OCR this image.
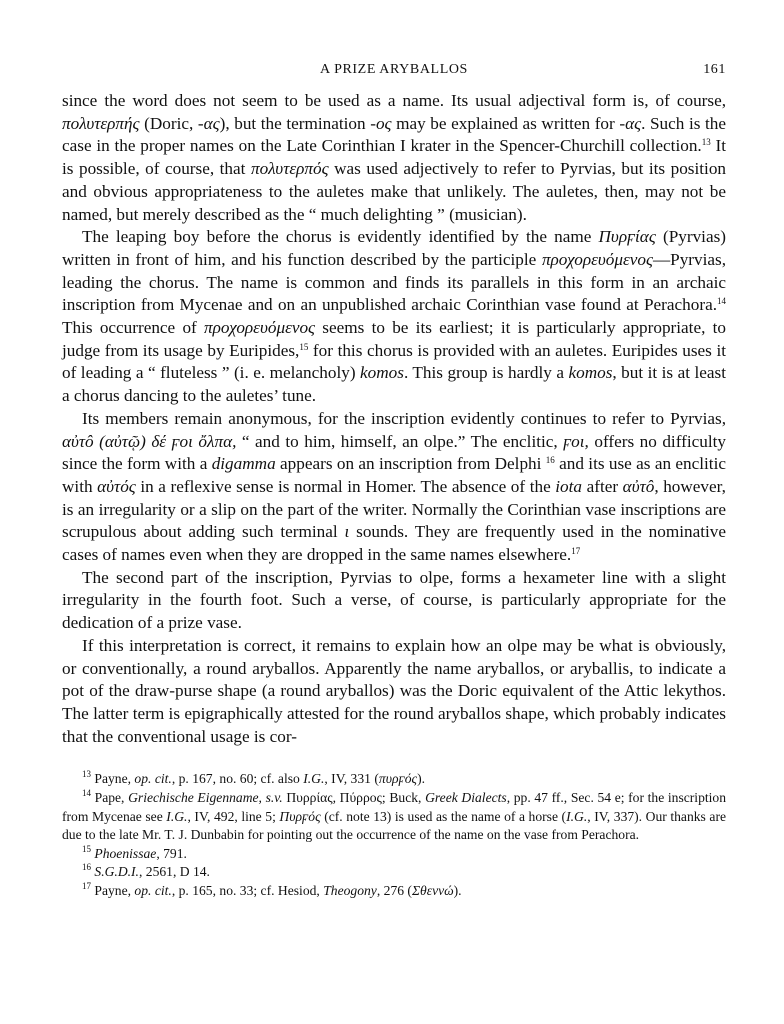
A PRIZE ARYBALLOS	161

since the word does not seem to be used as a name. Its usual adjectival form is, of course, πολυτερπής (Doric, -ας), but the termination -ος may be explained as written for -ας. Such is the case in the proper names on the Late Corinthian I krater in the Spencer-Churchill collection.$^{13}$ It is possible, of course, that πολυτερπός was used adjectively to refer to Pyrvias, but its position and obvious appropriateness to the auletes make that unlikely. The auletes, then, may not be named, but merely described as the “ much delighting ” (musician).

The leaping boy before the chorus is evidently identified by the name Πυρϝίας (Pyrvias) written in front of him, and his function described by the participle προχορευόμενος—Pyrvias, leading the chorus. The name is common and finds its parallels in this form in an archaic inscription from Mycenae and on an unpublished archaic Corinthian vase found at Perachora.$^{14}$ This occurrence of προχορευόμενος seems to be its earliest; it is particularly appropriate, to judge from its usage by Euripides,$^{15}$ for this chorus is provided with an auletes. Euripides uses it of leading a “ fluteless ” (i. e. melancholy) komos. This group is hardly a komos, but it is at least a chorus dancing to the auletes’ tune.

Its members remain anonymous, for the inscription evidently continues to refer to Pyrvias, αὐτô (αὐτῷ) δέ ϝοι ὄλπα, “ and to him, himself, an olpe.” The enclitic, ϝοι, offers no difficulty since the form with a digamma appears on an inscription from Delphi $^{16}$ and its use as an enclitic with αὐτός in a reflexive sense is normal in Homer. The absence of the iota after αὐτô, however, is an irregularity or a slip on the part of the writer. Normally the Corinthian vase inscriptions are scrupulous about adding such terminal ι sounds. They are frequently used in the nominative cases of names even when they are dropped in the same names elsewhere.$^{17}$

The second part of the inscription, Pyrvias to olpe, forms a hexameter line with a slight irregularity in the fourth foot. Such a verse, of course, is particularly appropriate for the dedication of a prize vase.

If this interpretation is correct, it remains to explain how an olpe may be what is obviously, or conventionally, a round aryballos. Apparently the name aryballos, or aryballis, to indicate a pot of the draw-purse shape (a round aryballos) was the Doric equivalent of the Attic lekythos. The latter term is epigraphically attested for the round aryballos shape, which probably indicates that the conventional usage is cor-

$^{13}$ Payne, op. cit., p. 167, no. 60; cf. also I.G., IV, 331 (πυρϝός).

$^{14}$ Pape, Griechische Eigenname, s.v. Πυρρίας, Πύρρος; Buck, Greek Dialects, pp. 47 ff., Sec. 54 e; for the inscription from Mycenae see I.G., IV, 492, line 5; Πυρϝός (cf. note 13) is used as the name of a horse (I.G., IV, 337). Our thanks are due to the late Mr. T. J. Dunbabin for pointing out the occurrence of the name on the vase from Perachora.

$^{15}$ Phoenissae, 791.

$^{16}$ S.G.D.I., 2561, D 14.

$^{17}$ Payne, op. cit., p. 165, no. 33; cf. Hesiod, Theogony, 276 (Σθεννώ).
